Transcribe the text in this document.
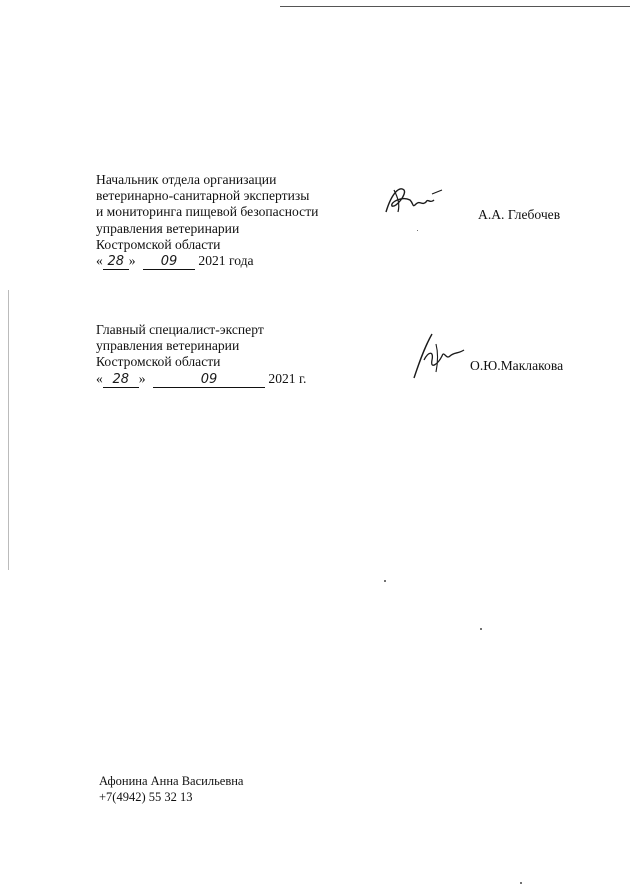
Начальник отдела организации
ветеринарно-санитарной экспертизы
и мониторинга пищевой безопасности
управления ветеринарии
Костромской области
« 28 » 09 2021 года
А.А. Глебочев
Главный специалист-эксперт
управления ветеринарии
Костромской области
« 28 »	09	2021 г.
О.Ю.Маклакова
Афонина Анна Васильевна
+7(4942) 55 32 13
